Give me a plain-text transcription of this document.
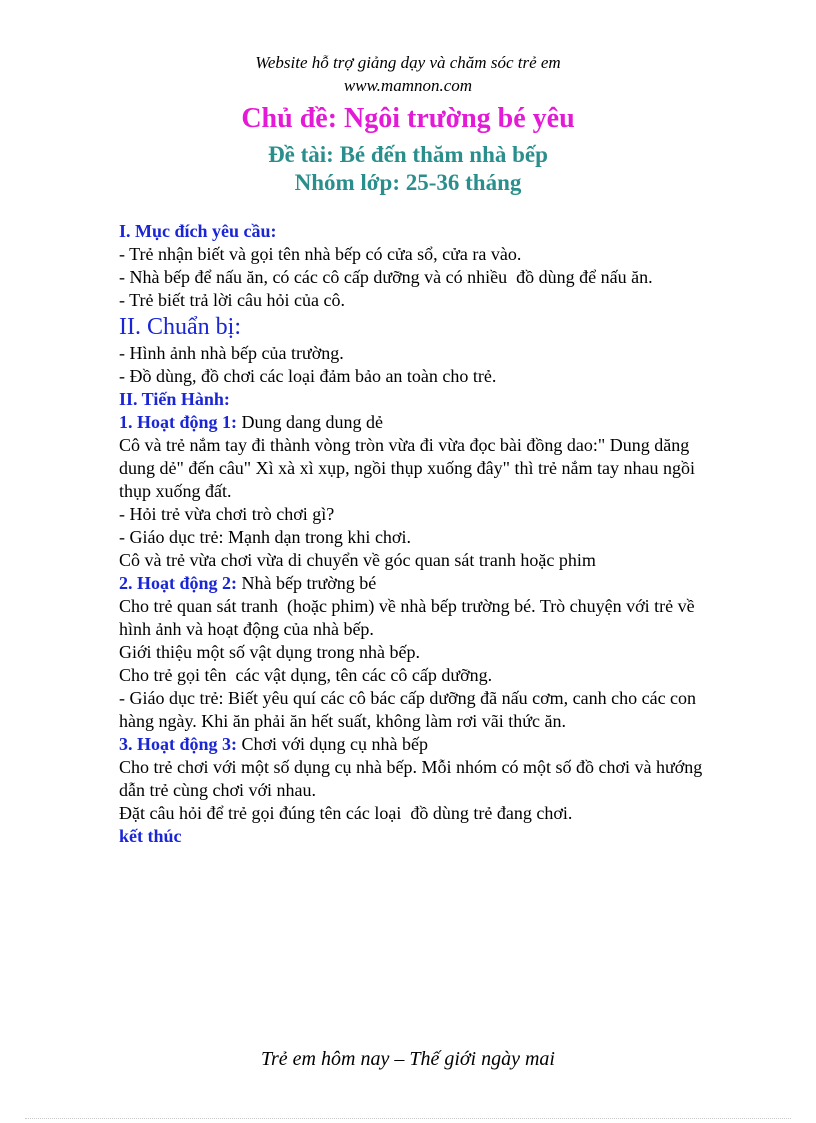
Website hỗ trợ giảng dạy và chăm sóc trẻ em
www.mamnon.com
Chủ đề: Ngôi trường bé yêu
Đề tài: Bé đến thăm nhà bếp
Nhóm lớp: 25-36 tháng

I. Mục đích yêu cầu:

- Trẻ nhận biết và gọi tên nhà bếp có cửa sổ, cửa ra vào.

- Nhà bếp để nấu ăn, có các cô cấp dưỡng và có nhiều  đồ dùng để nấu ăn.

- Trẻ biết trả lời câu hỏi của cô.

II. Chuẩn bị:

- Hình ảnh nhà bếp của trường.

- Đồ dùng, đồ chơi các loại đảm bảo an toàn cho trẻ.

II. Tiến Hành:

1. Hoạt động 1: Dung dang dung dẻ

Cô và trẻ nắm tay đi thành vòng tròn vừa đi vừa đọc bài đồng dao:" Dung dăng dung dẻ" đến câu" Xì xà xì xụp, ngồi thụp xuống đây" thì trẻ nắm tay nhau ngồi thụp xuống đất.

- Hỏi trẻ vừa chơi trò chơi gì?

- Giáo dục trẻ: Mạnh dạn trong khi chơi.

Cô và trẻ vừa chơi vừa di chuyển về góc quan sát tranh hoặc phim

2. Hoạt động 2: Nhà bếp trường bé

Cho trẻ quan sát tranh  (hoặc phim) về nhà bếp trường bé. Trò chuyện với trẻ về hình ảnh và hoạt động của nhà bếp.

Giới thiệu một số vật dụng trong nhà bếp.

Cho trẻ gọi tên  các vật dụng, tên các cô cấp dưỡng.

- Giáo dục trẻ: Biết yêu quí các cô bác cấp dưỡng đã nấu cơm, canh cho các con hàng ngày. Khi ăn phải ăn hết suất, không làm rơi vãi thức ăn.

3. Hoạt động 3: Chơi với dụng cụ nhà bếp

Cho trẻ chơi với một số dụng cụ nhà bếp. Mỗi nhóm có một số đồ chơi và hướng dẫn trẻ cùng chơi với nhau.

Đặt câu hỏi để trẻ gọi đúng tên các loại  đồ dùng trẻ đang chơi.

kết thúc

Trẻ em hôm nay – Thế giới ngày mai
